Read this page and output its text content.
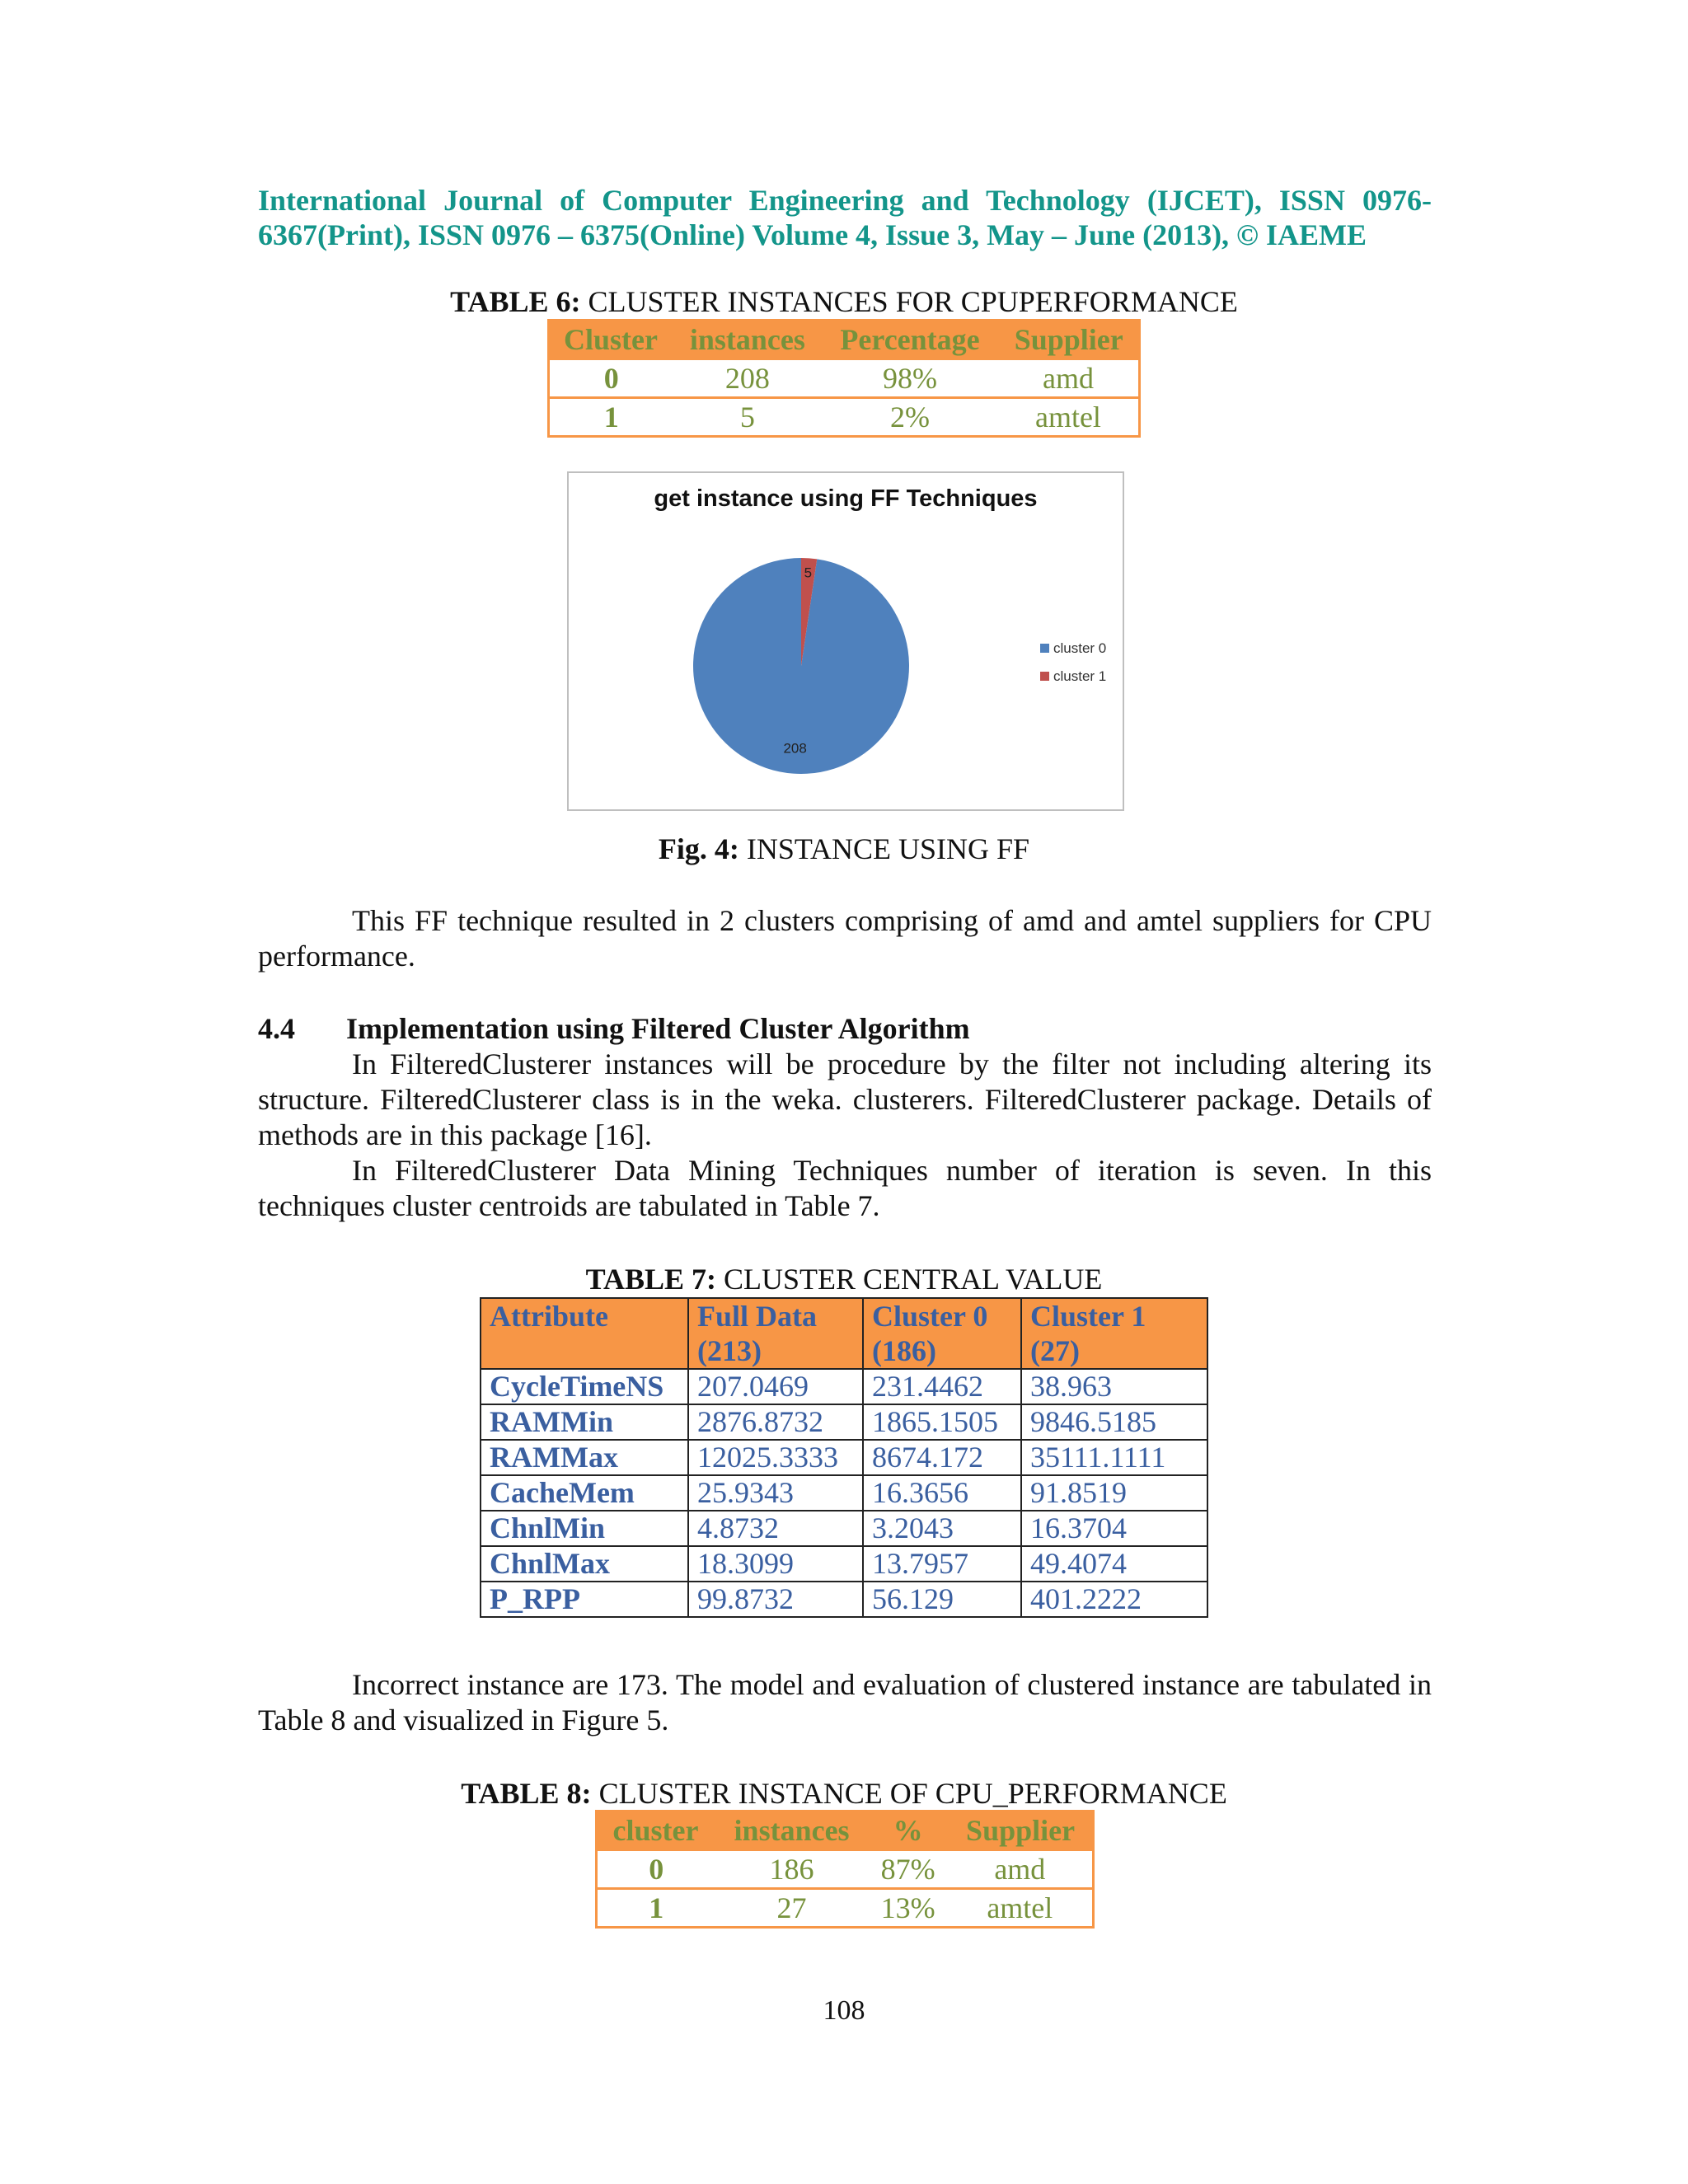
International Journal of Computer Engineering and Technology (IJCET), ISSN 0976-6367(Print), ISSN 0976 – 6375(Online) Volume 4, Issue 3, May – June (2013), © IAEME
TABLE 6: CLUSTER INSTANCES FOR CPUPERFORMANCE
Cluster	instances	Percentage	Supplier
0	208	98%	amd
1	5	2%	amtel
get instance using FF Techniques
208
5
cluster 0
cluster 1
Fig. 4: INSTANCE USING FF
This FF technique resulted in 2 clusters comprising of amd and amtel suppliers for CPU performance.
4.4 Implementation using Filtered Cluster Algorithm
In FilteredClusterer instances will be procedure by the filter not including altering its structure. FilteredClusterer class is in the weka. clusterers. FilteredClusterer package. Details of methods are in this package [16].
In FilteredClusterer Data Mining Techniques number of iteration is seven. In this techniques cluster centroids are tabulated in Table 7.
TABLE 7: CLUSTER CENTRAL VALUE
Attribute	Full Data (213)	Cluster 0 (186)	Cluster 1 (27)
CycleTimeNS	207.0469	231.4462	38.963
RAMMin	2876.8732	1865.1505	9846.5185
RAMMax	12025.3333	8674.172	35111.1111
CacheMem	25.9343	16.3656	91.8519
ChnlMin	4.8732	3.2043	16.3704
ChnlMax	18.3099	13.7957	49.4074
P_RPP	99.8732	56.129	401.2222
Incorrect instance are 173. The model and evaluation of clustered instance are tabulated in Table 8 and visualized in Figure 5.
TABLE 8: CLUSTER INSTANCE OF CPU_PERFORMANCE
cluster	instances	%	Supplier
0	186	87%	amd
1	27	13%	amtel
108
